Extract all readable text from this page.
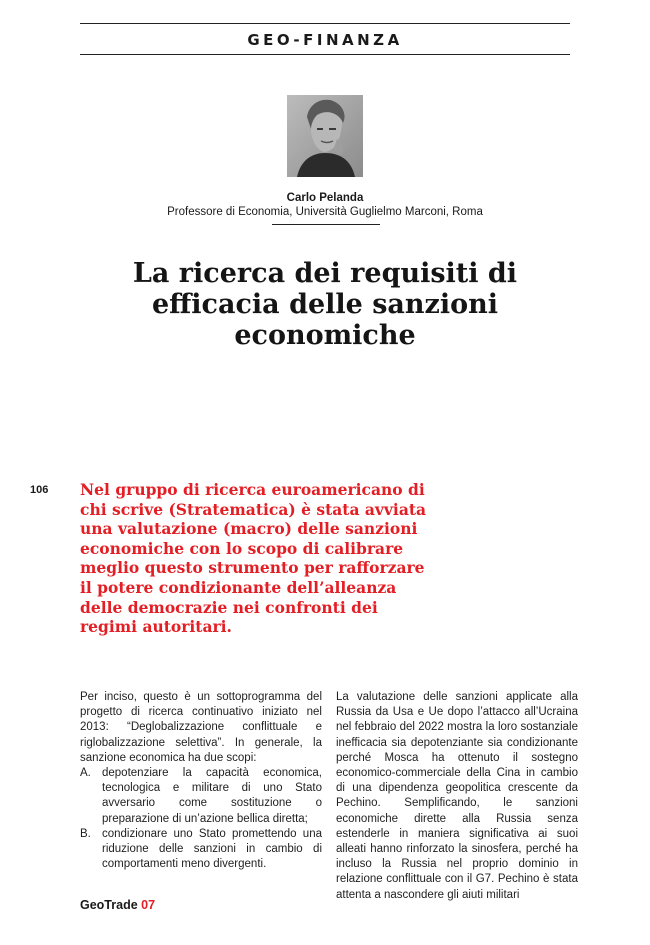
GEO-FINANZA
Carlo Pelanda
Professore di Economia, Università Guglielmo Marconi, Roma
La ricerca dei requisiti di efficacia delle sanzioni economiche
106 Nel gruppo di ricerca euroamericano di chi scrive (Stratematica) è stata avviata una valutazione (macro) delle sanzioni economiche con lo scopo di calibrare meglio questo strumento per rafforzare il potere condizionante dell’alleanza delle democrazie nei confronti dei regimi autoritari.

Per inciso, questo è un sottoprogramma del progetto di ricerca continuativo iniziato nel 2013: “Deglobalizzazione conflittuale e riglobalizzazione selettiva”. In generale, la sanzione economica ha due scopi:

A. depotenziare la capacità economica, tecnologica e militare di uno Stato avversario come sostituzione o preparazione di un’azione bellica diretta;
B. condizionare uno Stato promettendo una riduzione delle sanzioni in cambio di comportamenti meno divergenti.

La valutazione delle sanzioni applicate alla Russia da Usa e Ue dopo l’attacco all’Ucraina nel febbraio del 2022 mostra la loro sostanziale inefficacia sia depotenziante sia condizionante perché Mosca ha ottenuto il sostegno economico-commerciale della Cina in cambio di una dipendenza geopolitica crescente da Pechino. Semplificando, le sanzioni economiche dirette alla Russia senza estenderle in maniera significativa ai suoi alleati hanno rinforzato la sinosfera, perché ha incluso la Russia nel proprio dominio in relazione conflittuale con il G7. Pechino è stata attenta a nascondere gli aiuti militari

GeoTrade 07
